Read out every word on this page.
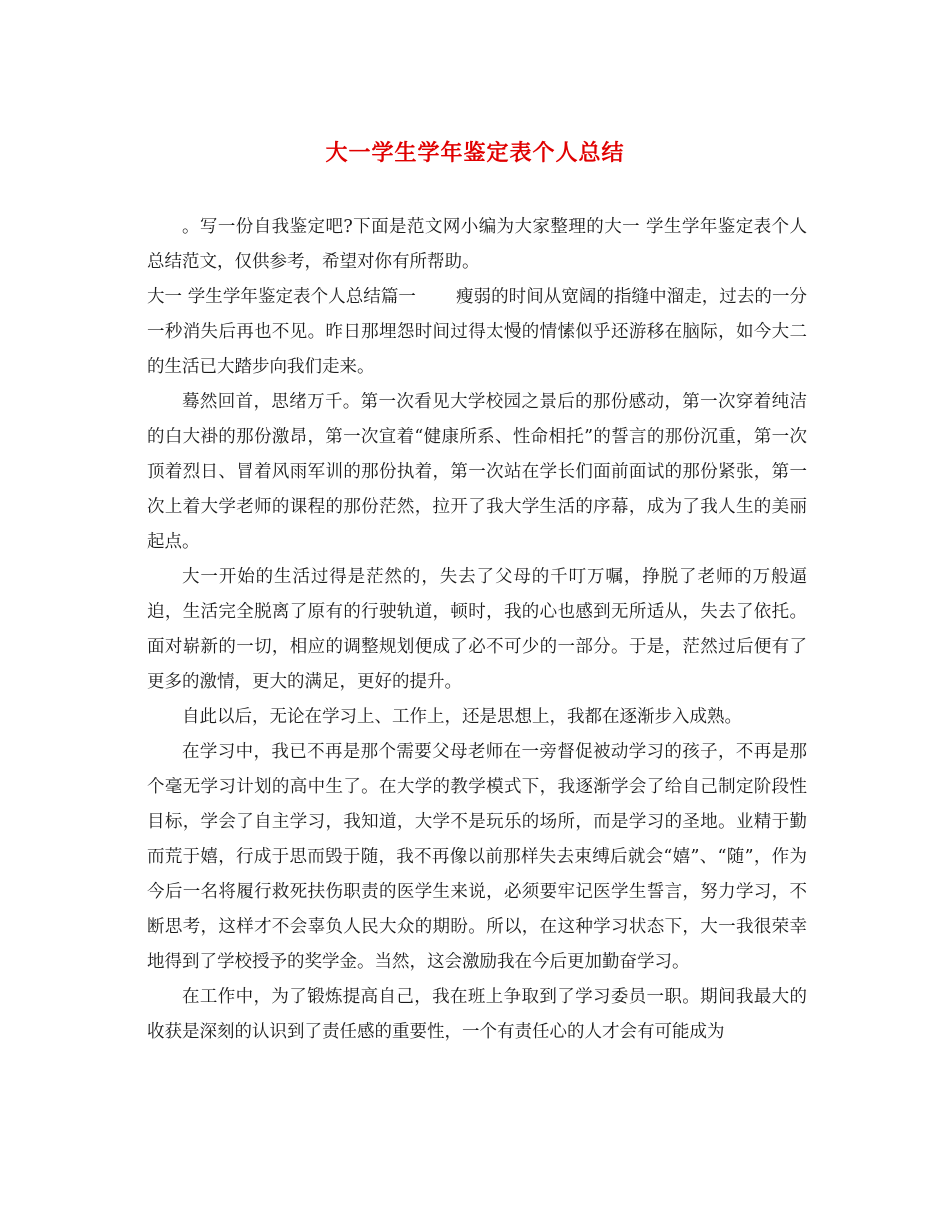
大一学生学年鉴定表个人总结

。写一份自我鉴定吧?下面是范文网小编为大家整理的大一 学生学年鉴定表个人总结范文，仅供参考，希望对你有所帮助。

大一 学生学年鉴定表个人总结篇一 瘦弱的时间从宽阔的指缝中溜走，过去的一分一秒消失后再也不见。昨日那埋怨时间过得太慢的情愫似乎还游移在脑际，如今大二的生活已大踏步向我们走来。

蓦然回首，思绪万千。第一次看见大学校园之景后的那份感动，第一次穿着纯洁的白大褂的那份激昂，第一次宣着“健康所系、性命相托”的誓言的那份沉重，第一次顶着烈日、冒着风雨军训的那份执着，第一次站在学长们面前面试的那份紧张，第一次上着大学老师的课程的那份茫然，拉开了我大学生活的序幕，成为了我人生的美丽起点。

大一开始的生活过得是茫然的，失去了父母的千叮万嘱，挣脱了老师的万般逼迫，生活完全脱离了原有的行驶轨道，顿时，我的心也感到无所适从，失去了依托。面对崭新的一切，相应的调整规划便成了必不可少的一部分。于是，茫然过后便有了更多的激情，更大的满足，更好的提升。

自此以后，无论在学习上、工作上，还是思想上，我都在逐渐步入成熟。

在学习中，我已不再是那个需要父母老师在一旁督促被动学习的孩子，不再是那个毫无学习计划的高中生了。在大学的教学模式下，我逐渐学会了给自己制定阶段性目标，学会了自主学习，我知道，大学不是玩乐的场所，而是学习的圣地。业精于勤而荒于嬉，行成于思而毁于随，我不再像以前那样失去束缚后就会“嬉”、“随”，作为今后一名将履行救死扶伤职责的医学生来说，必须要牢记医学生誓言，努力学习，不断思考，这样才不会辜负人民大众的期盼。所以，在这种学习状态下，大一我很荣幸地得到了学校授予的奖学金。当然，这会激励我在今后更加勤奋学习。

在工作中，为了锻炼提高自己，我在班上争取到了学习委员一职。期间我最大的收获是深刻的认识到了责任感的重要性，一个有责任心的人才会有可能成为
